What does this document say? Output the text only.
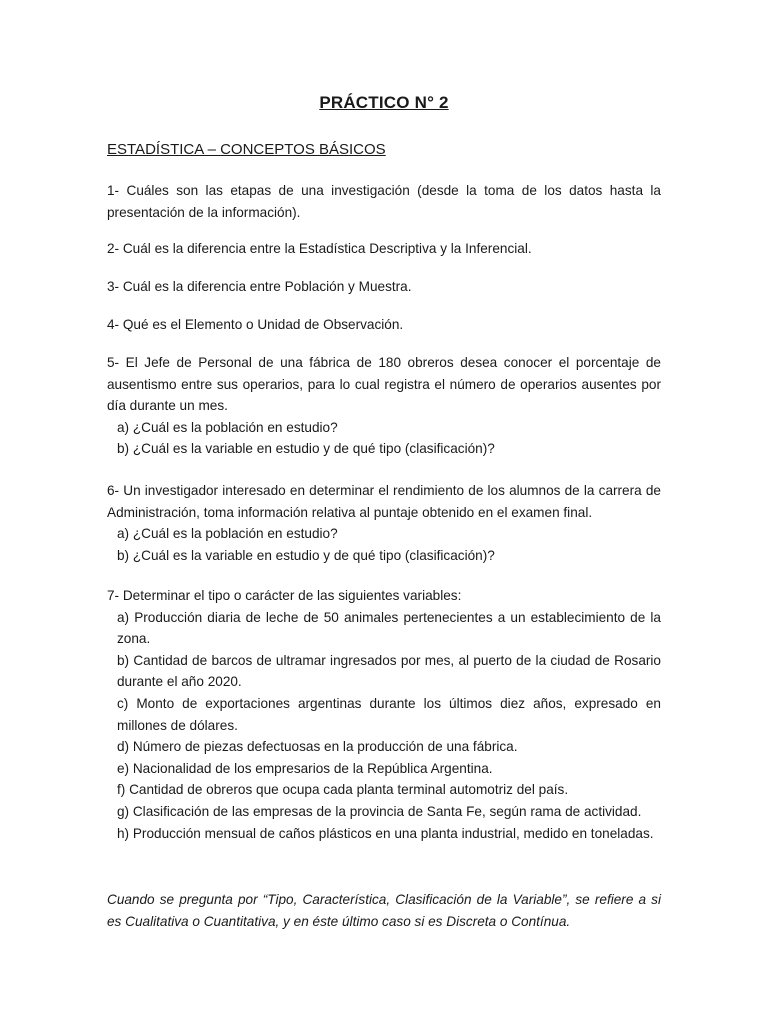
PRÁCTICO N° 2
ESTADÍSTICA – CONCEPTOS BÁSICOS
1- Cuáles son las etapas de una investigación (desde la toma de los datos hasta la presentación de la información).
2- Cuál es la diferencia entre la Estadística Descriptiva y la Inferencial.
3- Cuál es la diferencia entre Población y Muestra.
4- Qué es el Elemento o Unidad de Observación.
5- El Jefe de Personal de una fábrica de 180 obreros desea conocer el porcentaje de ausentismo entre sus operarios, para lo cual registra el número de operarios ausentes por día durante un mes.
a) ¿Cuál es la población en estudio?
b) ¿Cuál es la variable en estudio y de qué tipo (clasificación)?
6- Un investigador interesado en determinar el rendimiento de los alumnos de la carrera de Administración, toma información relativa al puntaje obtenido en el examen final.
a) ¿Cuál es la población en estudio?
b) ¿Cuál es la variable en estudio y de qué tipo (clasificación)?
7- Determinar el tipo o carácter de las siguientes variables:
a) Producción diaria de leche de 50 animales pertenecientes a un establecimiento de la zona.
b) Cantidad de barcos de ultramar ingresados por mes, al puerto de la ciudad de Rosario durante el año 2020.
c) Monto de exportaciones argentinas durante los últimos diez años, expresado en millones de dólares.
d) Número de piezas defectuosas en la producción de una fábrica.
e) Nacionalidad de los empresarios de la República Argentina.
f) Cantidad de obreros que ocupa cada planta terminal automotriz del país.
g) Clasificación de las empresas de la provincia de Santa Fe, según rama de actividad.
h) Producción mensual de caños plásticos en una planta industrial, medido en toneladas.
Cuando se pregunta por “Tipo, Característica, Clasificación de la Variable”, se refiere a si es Cualitativa o Cuantitativa, y en éste último caso si es Discreta o Contínua.
